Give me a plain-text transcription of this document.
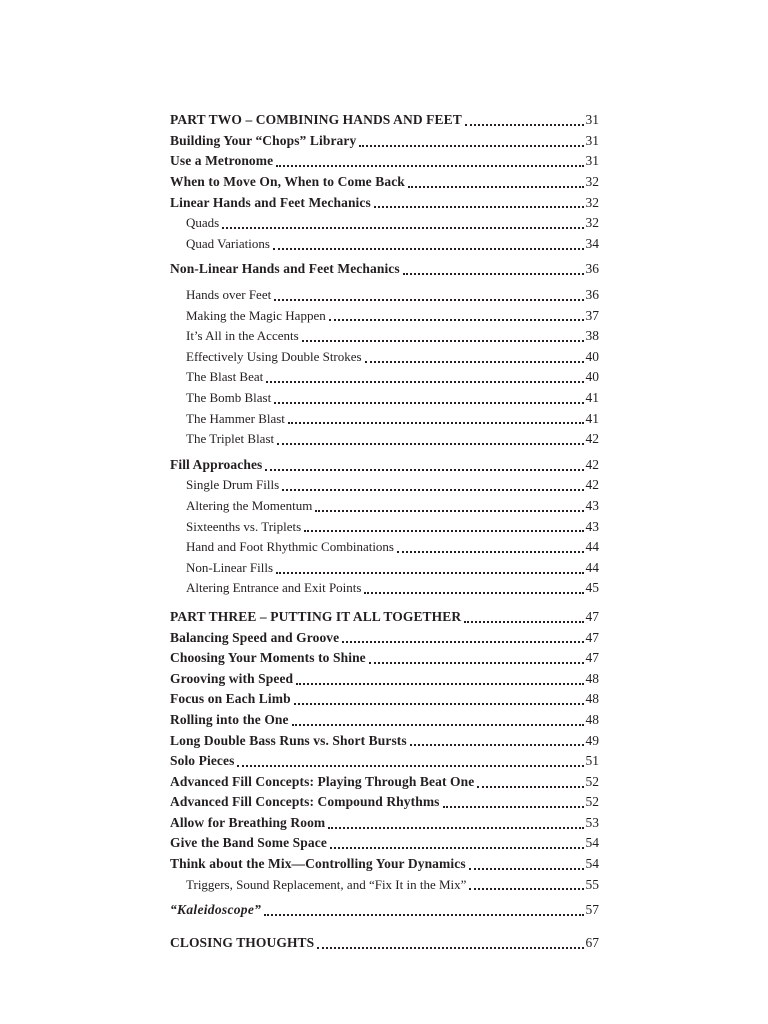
PART TWO – COMBINING HANDS AND FEET	31
Building Your “Chops” Library	31
Use a Metronome	31
When to Move On, When to Come Back	32
Linear Hands and Feet Mechanics	32
Quads	32
Quad Variations	34
Non-Linear Hands and Feet Mechanics	36
Hands over Feet	36
Making the Magic Happen	37
It’s All in the Accents	38
Effectively Using Double Strokes	40
The Blast Beat	40
The Bomb Blast	41
The Hammer Blast	41
The Triplet Blast	42
Fill Approaches	42
Single Drum Fills	42
Altering the Momentum	43
Sixteenths vs. Triplets	43
Hand and Foot Rhythmic Combinations	44
Non-Linear Fills	44
Altering Entrance and Exit Points	45
PART THREE – PUTTING IT ALL TOGETHER	47
Balancing Speed and Groove	47
Choosing Your Moments to Shine	47
Grooving with Speed	48
Focus on Each Limb	48
Rolling into the One	48
Long Double Bass Runs vs. Short Bursts	49
Solo Pieces	51
Advanced Fill Concepts: Playing Through Beat One	52
Advanced Fill Concepts: Compound Rhythms	52
Allow for Breathing Room	53
Give the Band Some Space	54
Think about the Mix—Controlling Your Dynamics	54
Triggers, Sound Replacement, and “Fix It in the Mix”	55
“Kaleidoscope”	57
CLOSING THOUGHTS	67
